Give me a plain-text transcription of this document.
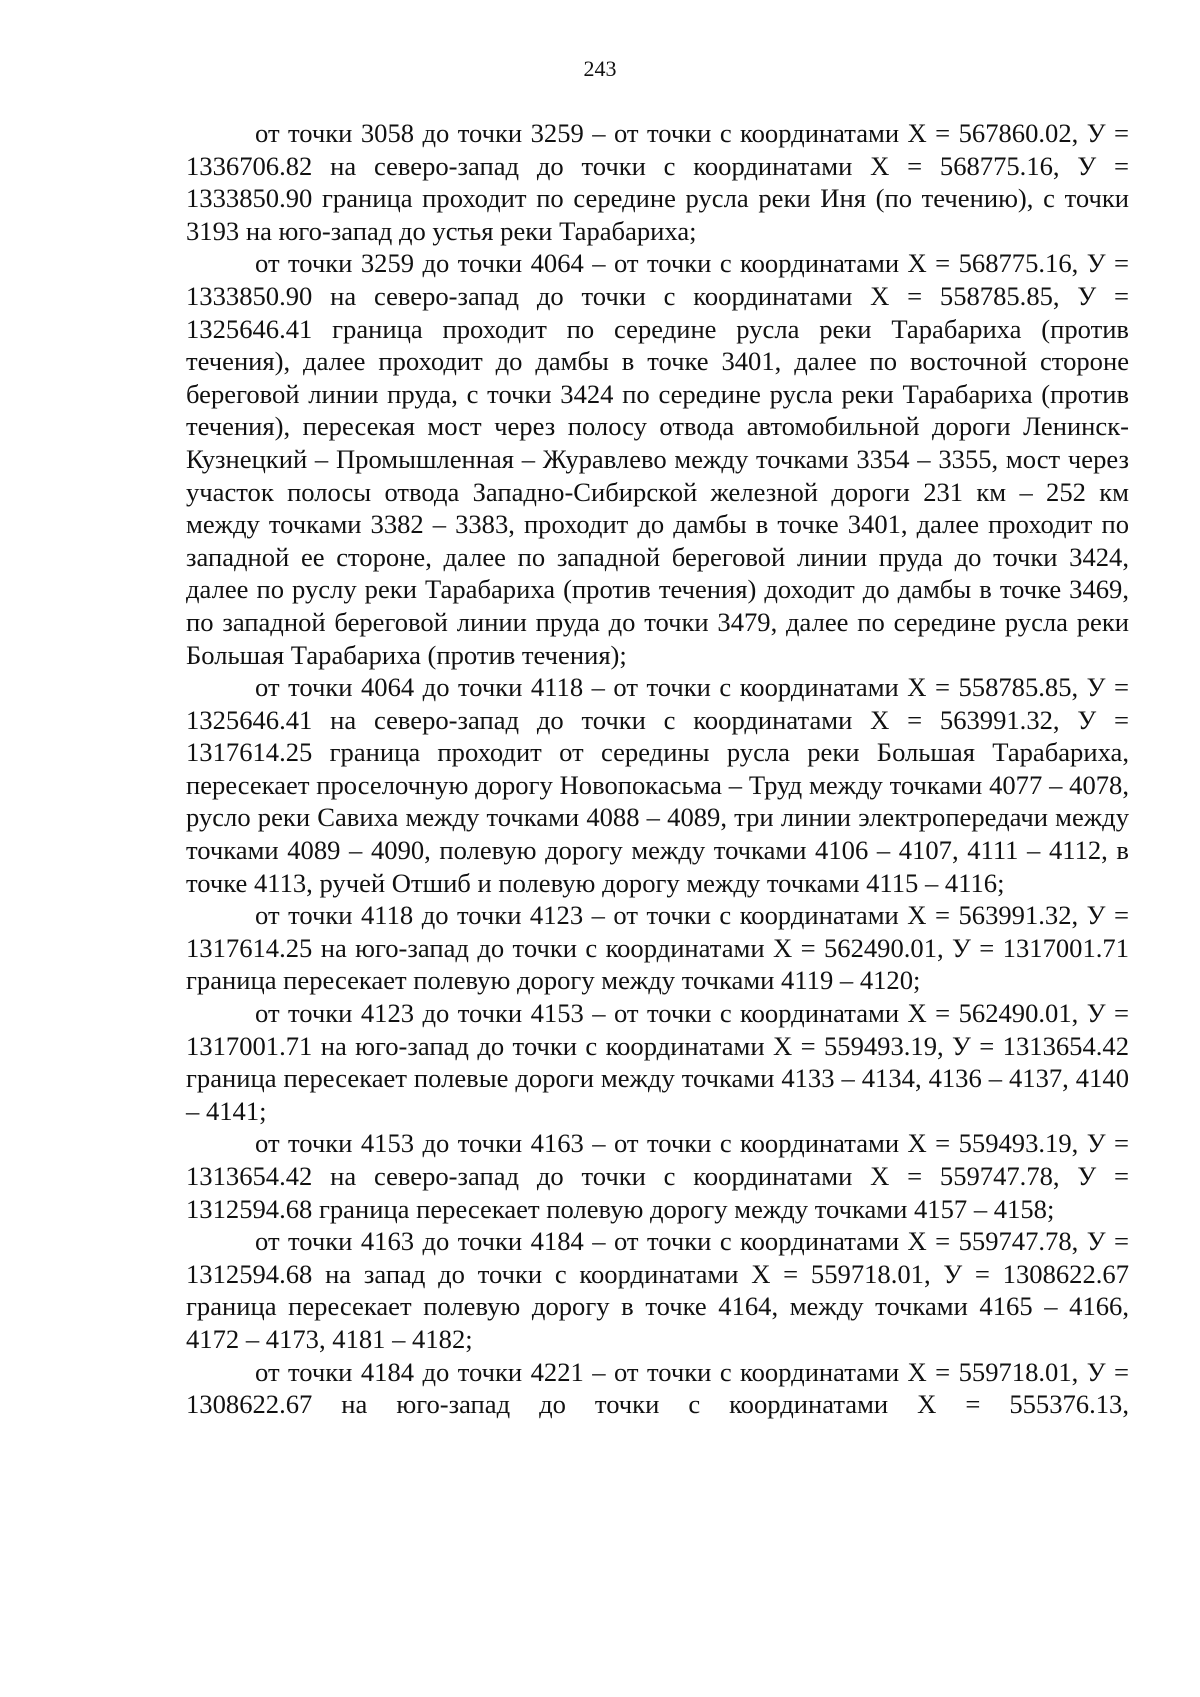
243

от точки 3058 до точки 3259 – от точки с координатами Х = 567860.02, У = 1336706.82 на северо-запад до точки с координатами Х = 568775.16, У = 1333850.90 граница проходит по середине русла реки Иня (по течению), с точки 3193 на юго-запад до устья реки Тарабариха;

от точки 3259 до точки 4064 – от точки с координатами Х = 568775.16, У = 1333850.90 на северо-запад до точки с координатами Х = 558785.85, У = 1325646.41 граница проходит по середине русла реки Тарабариха (против течения), далее проходит до дамбы в точке 3401, далее по восточной стороне береговой линии пруда, с точки 3424 по середине русла реки Тарабариха (против течения), пересекая мост через полосу отвода автомобильной дороги Ленинск-Кузнецкий – Промышленная – Журавлево между точками 3354 – 3355, мост через участок полосы отвода Западно-Сибирской железной дороги 231 км – 252 км между точками 3382 – 3383, проходит до дамбы в точке 3401, далее проходит по западной ее стороне, далее по западной береговой линии пруда до точки 3424, далее по руслу реки Тарабариха (против течения) доходит до дамбы в точке 3469, по западной береговой линии пруда до точки 3479, далее по середине русла реки Большая Тарабариха (против течения);

от точки 4064 до точки 4118 – от точки с координатами Х = 558785.85, У = 1325646.41 на северо-запад до точки с координатами Х = 563991.32, У = 1317614.25 граница проходит от середины русла реки Большая Тарабариха, пересекает проселочную дорогу Новопокасьма – Труд между точками 4077 – 4078, русло реки Савиха между точками 4088 – 4089, три линии электропередачи между точками 4089 – 4090, полевую дорогу между точками 4106 – 4107, 4111 – 4112, в точке 4113, ручей Отшиб и полевую дорогу между точками 4115 – 4116;

от точки 4118 до точки 4123 – от точки с координатами Х = 563991.32, У = 1317614.25 на юго-запад до точки с координатами Х = 562490.01, У = 1317001.71 граница пересекает полевую дорогу между точками 4119 – 4120;

от точки 4123 до точки 4153 – от точки с координатами Х = 562490.01, У = 1317001.71 на юго-запад до точки с координатами Х = 559493.19, У = 1313654.42 граница пересекает полевые дороги между точками 4133 – 4134, 4136 – 4137, 4140 – 4141;

от точки 4153 до точки 4163 – от точки с координатами Х = 559493.19, У = 1313654.42 на северо-запад до точки с координатами Х = 559747.78, У = 1312594.68 граница пересекает полевую дорогу между точками 4157 – 4158;

от точки 4163 до точки 4184 – от точки с координатами Х = 559747.78, У = 1312594.68 на запад до точки с координатами Х = 559718.01, У = 1308622.67 граница пересекает полевую дорогу в точке 4164, между точками 4165 – 4166, 4172 – 4173, 4181 – 4182;

от точки 4184 до точки 4221 – от точки с координатами Х = 559718.01, У = 1308622.67 на юго-запад до точки с координатами Х = 555376.13,
